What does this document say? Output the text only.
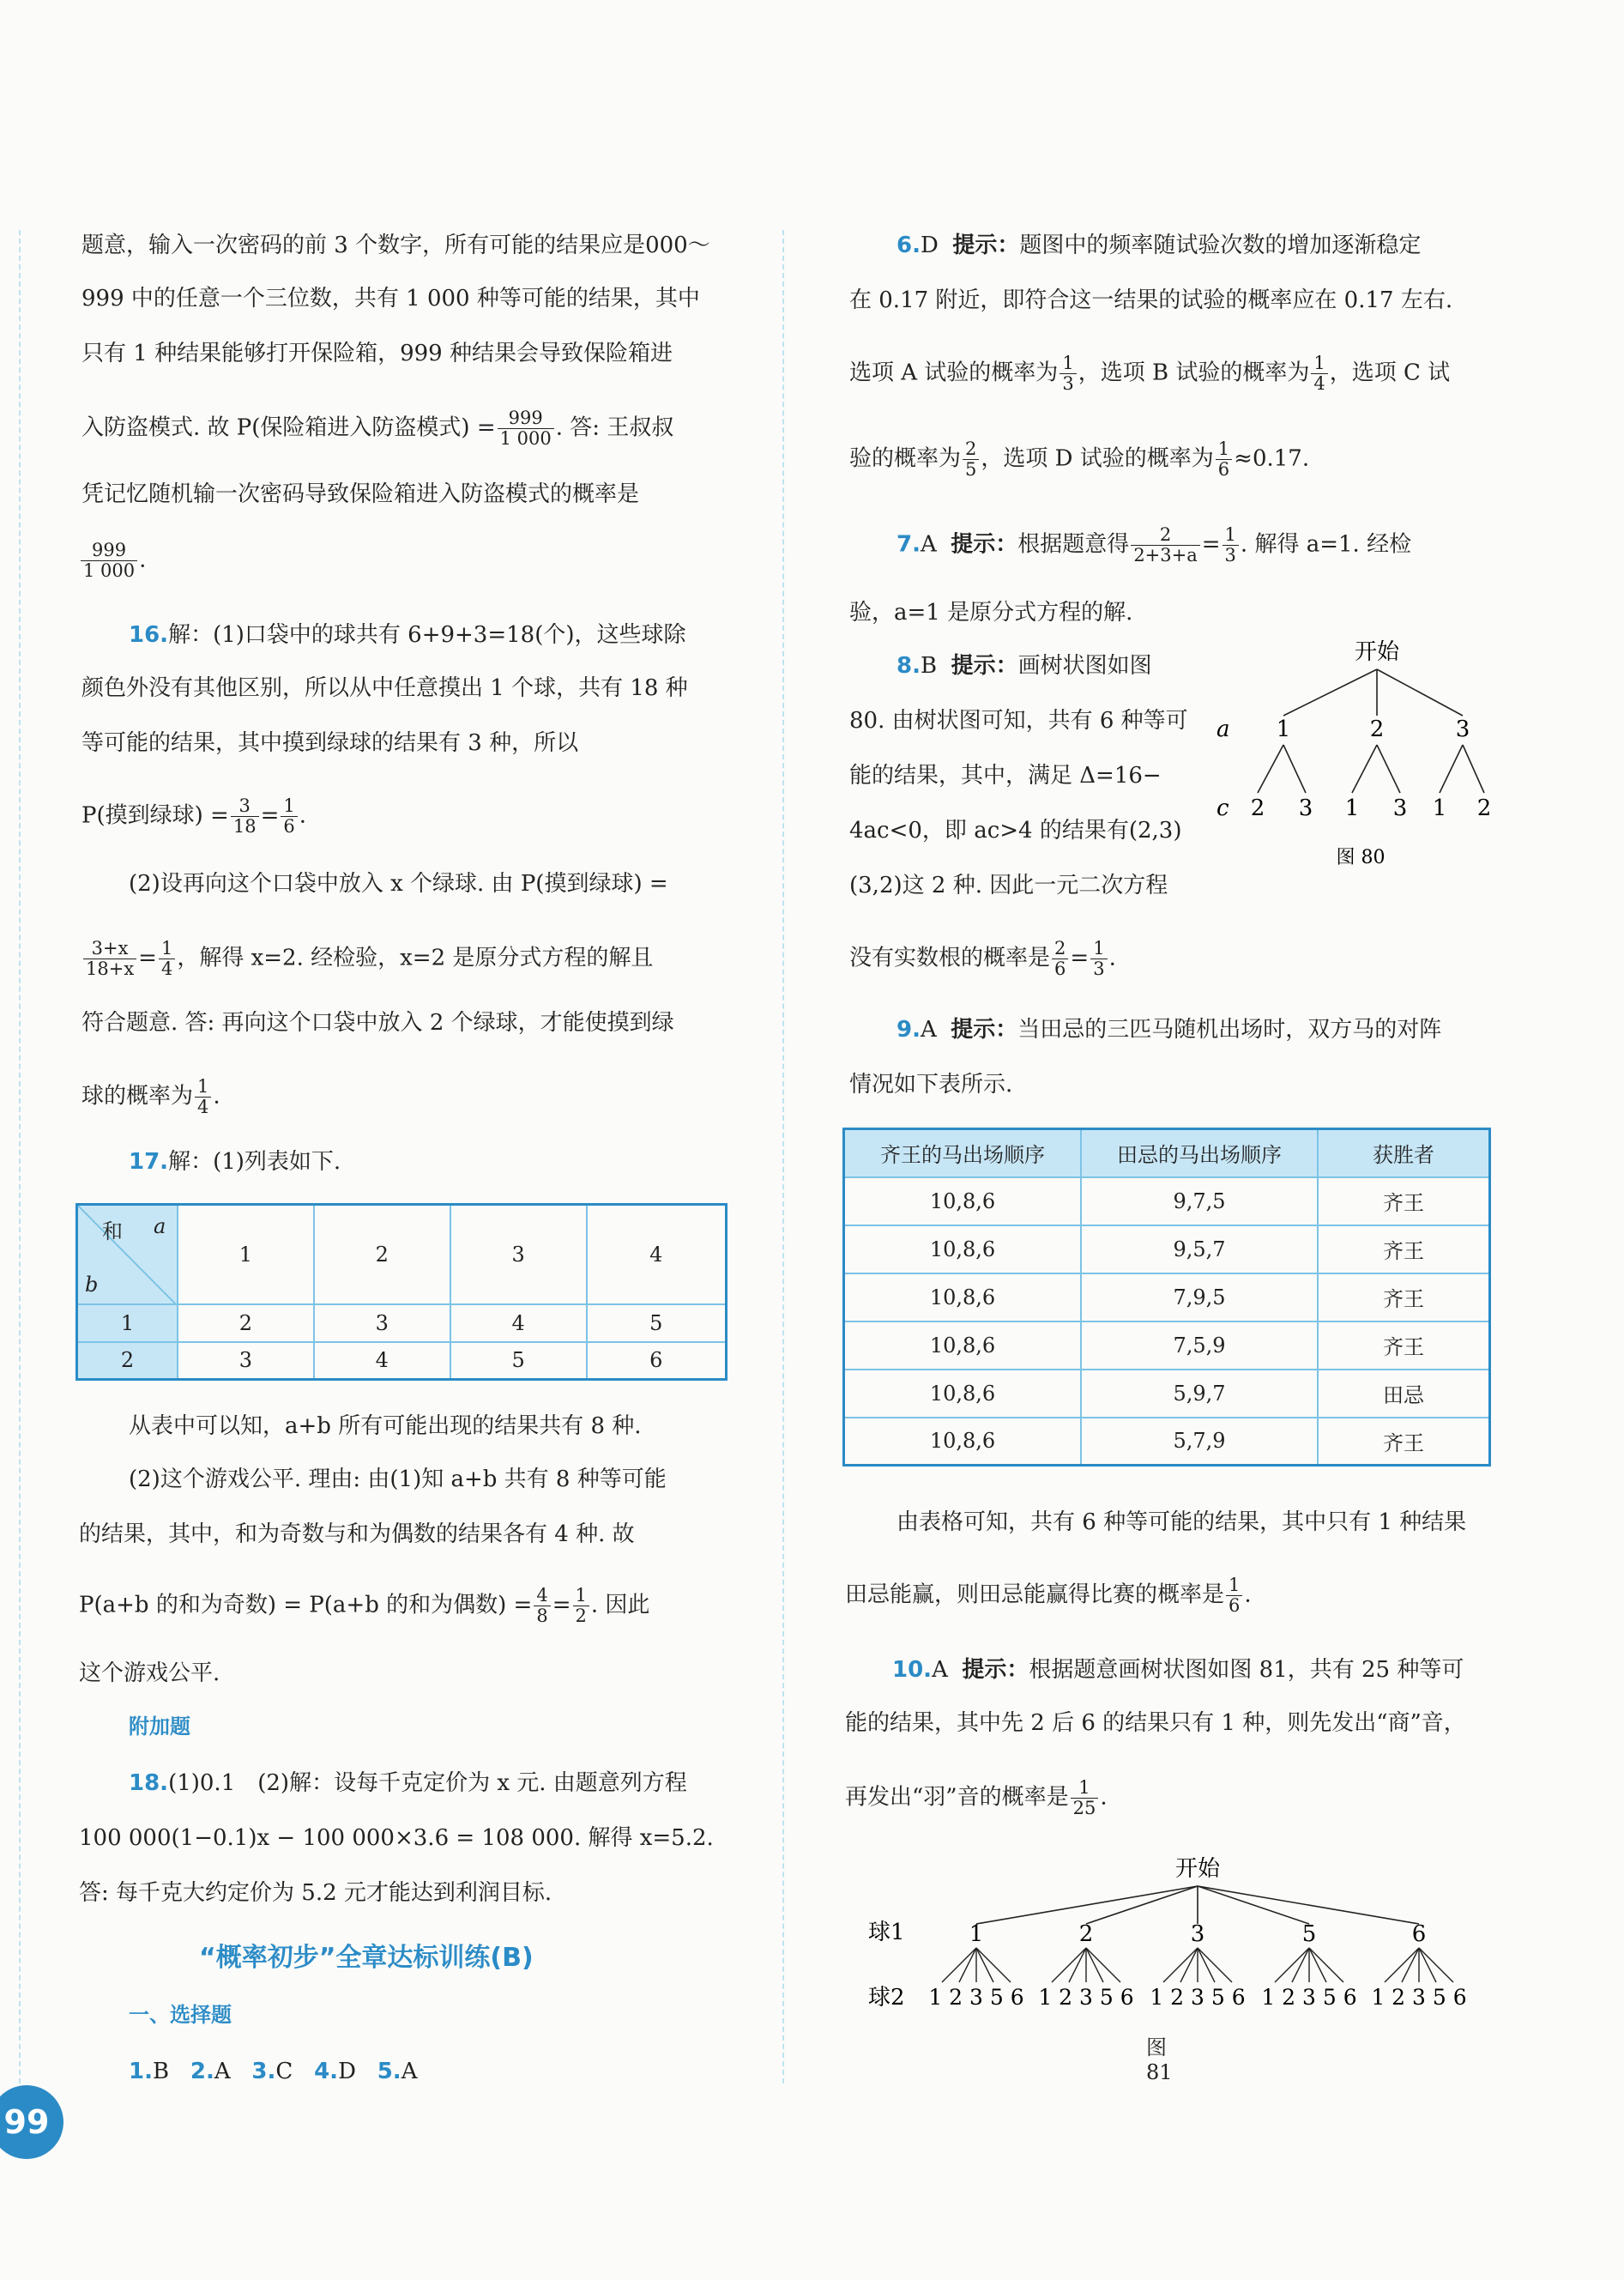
题意，输入一次密码的前 3 个数字，所有可能的结果应是000～
999 中的任意一个三位数，共有 1 000 种等可能的结果，其中
只有 1 种结果能够打开保险箱，999 种结果会导致保险箱进
入防盗模式. 故 P(保险箱进入防盗模式) = $\frac{999}{1 000}$ . 答: 王叔叔
凭记忆随机输一次密码导致保险箱进入防盗模式的概率是
$\frac{999}{1 000}$ .
16.解：(1)口袋中的球共有 6+9+3=18(个)，这些球除
颜色外没有其他区别，所以从中任意摸出 1 个球，共有 18 种
等可能的结果，其中摸到绿球的结果有 3 种，所以
P(摸到绿球) = $\frac{3}{18} = \frac{1}{6}$ .
(2)设再向这个口袋中放入 x 个绿球. 由 P(摸到绿球) =
$\frac{3+x}{18+x} = \frac{1}{4}$ ，解得 x=2. 经检验，x=2 是原分式方程的解且
符合题意. 答: 再向这个口袋中放入 2 个绿球，才能使摸到绿
球的概率为 $\frac{1}{4}$ .
17.解：(1)列表如下.
和 a
b	1	2	3	4
1	2	3	4	5
2	3	4	5	6
从表中可以知，a+b 所有可能出现的结果共有 8 种.
(2)这个游戏公平. 理由: 由(1)知 a+b 共有 8 种等可能
的结果，其中，和为奇数与和为偶数的结果各有 4 种. 故
P(a+b 的和为奇数) = P(a+b 的和为偶数) = $\frac{4}{8} = \frac{1}{2}$ . 因此
这个游戏公平.
附加题
18.(1)0.1　(2)解：设每千克定价为 x 元. 由题意列方程
100 000(1−0.1)x − 100 000×3.6 = 108 000. 解得 x=5.2.
答: 每千克大约定价为 5.2 元才能达到利润目标.
“概率初步”全章达标训练(B)
一、选择题
1.B 2.A 3.C 4.D 5.A
6.D 提示：题图中的频率随试验次数的增加逐渐稳定
在 0.17 附近，即符合这一结果的试验的概率应在 0.17 左右.
选项 A 试验的概率为 $\frac{1}{3}$ ，选项 B 试验的概率为 $\frac{1}{4}$ ，选项 C 试
验的概率为 $\frac{2}{5}$ ，选项 D 试验的概率为 $\frac{1}{6} \approx 0.17$.
7.A 提示：根据题意得 $\frac{2}{2+3+a} = \frac{1}{3}$ . 解得 a=1. 经检
验，a=1 是原分式方程的解.
8.B 提示：画树状图如图
80. 由树状图可知，共有 6 种等可
能的结果，其中，满足 Δ=16−
4ac<0，即 ac>4 的结果有(2,3)
(3,2)这 2 种. 因此一元二次方程
没有实数根的概率是 $\frac{2}{6} = \frac{1}{3}$ .
开始
a 1	2	3
c 2 3 1 3 1 2
图 80
9.A 提示：当田忌的三匹马随机出场时，双方马的对阵
情况如下表所示.
齐王的马出场顺序	田忌的马出场顺序	获胜者
10,8,6	9,7,5	齐王
10,8,6	9,5,7	齐王
10,8,6	7,9,5	齐王
10,8,6	7,5,9	齐王
10,8,6	5,9,7	田忌
10,8,6	5,7,9	齐王
由表格可知，共有 6 种等可能的结果，其中只有 1 种结果
田忌能赢，则田忌能赢得比赛的概率是 $\frac{1}{6}$ .
10.A 提示：根据题意画树状图如图 81，共有 25 种等可
能的结果，其中先 2 后 6 的结果只有 1 种，则先发出“商”音，
再发出“羽”音的概率是 $\frac{1}{25}$ .
开始
球1	1	2	3	5	6
球2 1 2 3 5 6 1 2 3 5 6 1 2 3 5 6 1 2 3 5 6 1 2 3 5 6
图 81
99
